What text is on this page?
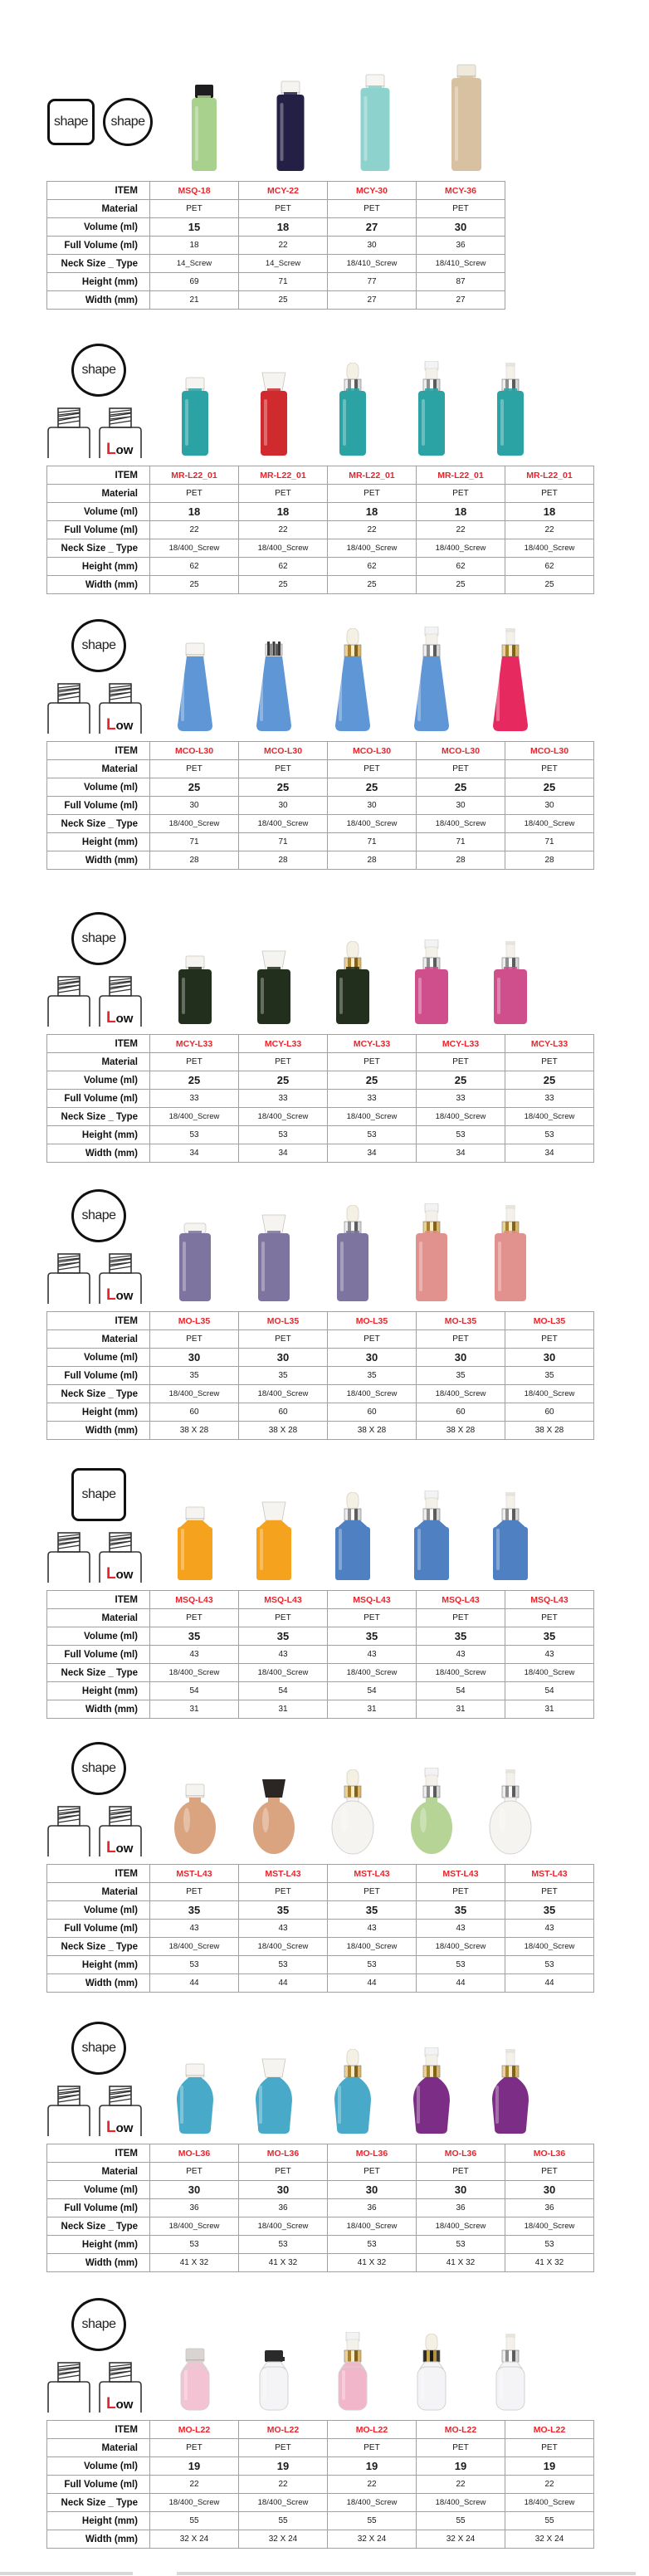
shape	shape
ITEM	MSQ-18	MCY-22	MCY-30	MCY-36
Material	PET	PET	PET	PET
Volume (ml)	15	18	27	30
Full Volume (ml)	18	22	30	36
Neck Size _ Type	14_Screw	14_Screw	18/410_Screw	18/410_Screw
Height (mm)	69	71	77	87
Width (mm)	21	25	27	27
shape
Low
ITEM	MR-L22_01	MR-L22_01	MR-L22_01	MR-L22_01	MR-L22_01
Material	PET	PET	PET	PET	PET
Volume (ml)	18	18	18	18	18
Full Volume (ml)	22	22	22	22	22
Neck Size _ Type	18/400_Screw	18/400_Screw	18/400_Screw	18/400_Screw	18/400_Screw
Height (mm)	62	62	62	62	62
Width (mm)	25	25	25	25	25
shape
Low
ITEM	MCO-L30	MCO-L30	MCO-L30	MCO-L30	MCO-L30
Material	PET	PET	PET	PET	PET
Volume (ml)	25	25	25	25	25
Full Volume (ml)	30	30	30	30	30
Neck Size _ Type	18/400_Screw	18/400_Screw	18/400_Screw	18/400_Screw	18/400_Screw
Height (mm)	71	71	71	71	71
Width (mm)	28	28	28	28	28
shape
Low
ITEM	MCY-L33	MCY-L33	MCY-L33	MCY-L33	MCY-L33
Material	PET	PET	PET	PET	PET
Volume (ml)	25	25	25	25	25
Full Volume (ml)	33	33	33	33	33
Neck Size _ Type	18/400_Screw	18/400_Screw	18/400_Screw	18/400_Screw	18/400_Screw
Height (mm)	53	53	53	53	53
Width (mm)	34	34	34	34	34
shape
Low
ITEM	MO-L35	MO-L35	MO-L35	MO-L35	MO-L35
Material	PET	PET	PET	PET	PET
Volume (ml)	30	30	30	30	30
Full Volume (ml)	35	35	35	35	35
Neck Size _ Type	18/400_Screw	18/400_Screw	18/400_Screw	18/400_Screw	18/400_Screw
Height (mm)	60	60	60	60	60
Width (mm)	38 X 28	38 X 28	38 X 28	38 X 28	38 X 28
shape
Low
ITEM	MSQ-L43	MSQ-L43	MSQ-L43	MSQ-L43	MSQ-L43
Material	PET	PET	PET	PET	PET
Volume (ml)	35	35	35	35	35
Full Volume (ml)	43	43	43	43	43
Neck Size _ Type	18/400_Screw	18/400_Screw	18/400_Screw	18/400_Screw	18/400_Screw
Height (mm)	54	54	54	54	54
Width (mm)	31	31	31	31	31
shape
Low
ITEM	MST-L43	MST-L43	MST-L43	MST-L43	MST-L43
Material	PET	PET	PET	PET	PET
Volume (ml)	35	35	35	35	35
Full Volume (ml)	43	43	43	43	43
Neck Size _ Type	18/400_Screw	18/400_Screw	18/400_Screw	18/400_Screw	18/400_Screw
Height (mm)	53	53	53	53	53
Width (mm)	44	44	44	44	44
shape
Low
ITEM	MO-L36	MO-L36	MO-L36	MO-L36	MO-L36
Material	PET	PET	PET	PET	PET
Volume (ml)	30	30	30	30	30
Full Volume (ml)	36	36	36	36	36
Neck Size _ Type	18/400_Screw	18/400_Screw	18/400_Screw	18/400_Screw	18/400_Screw
Height (mm)	53	53	53	53	53
Width (mm)	41 X 32	41 X 32	41 X 32	41 X 32	41 X 32
shape
Low
ITEM	MO-L22	MO-L22	MO-L22	MO-L22	MO-L22
Material	PET	PET	PET	PET	PET
Volume (ml)	19	19	19	19	19
Full Volume (ml)	22	22	22	22	22
Neck Size _ Type	18/400_Screw	18/400_Screw	18/400_Screw	18/400_Screw	18/400_Screw
Height (mm)	55	55	55	55	55
Width (mm)	32 X 24	32 X 24	32 X 24	32 X 24	32 X 24
